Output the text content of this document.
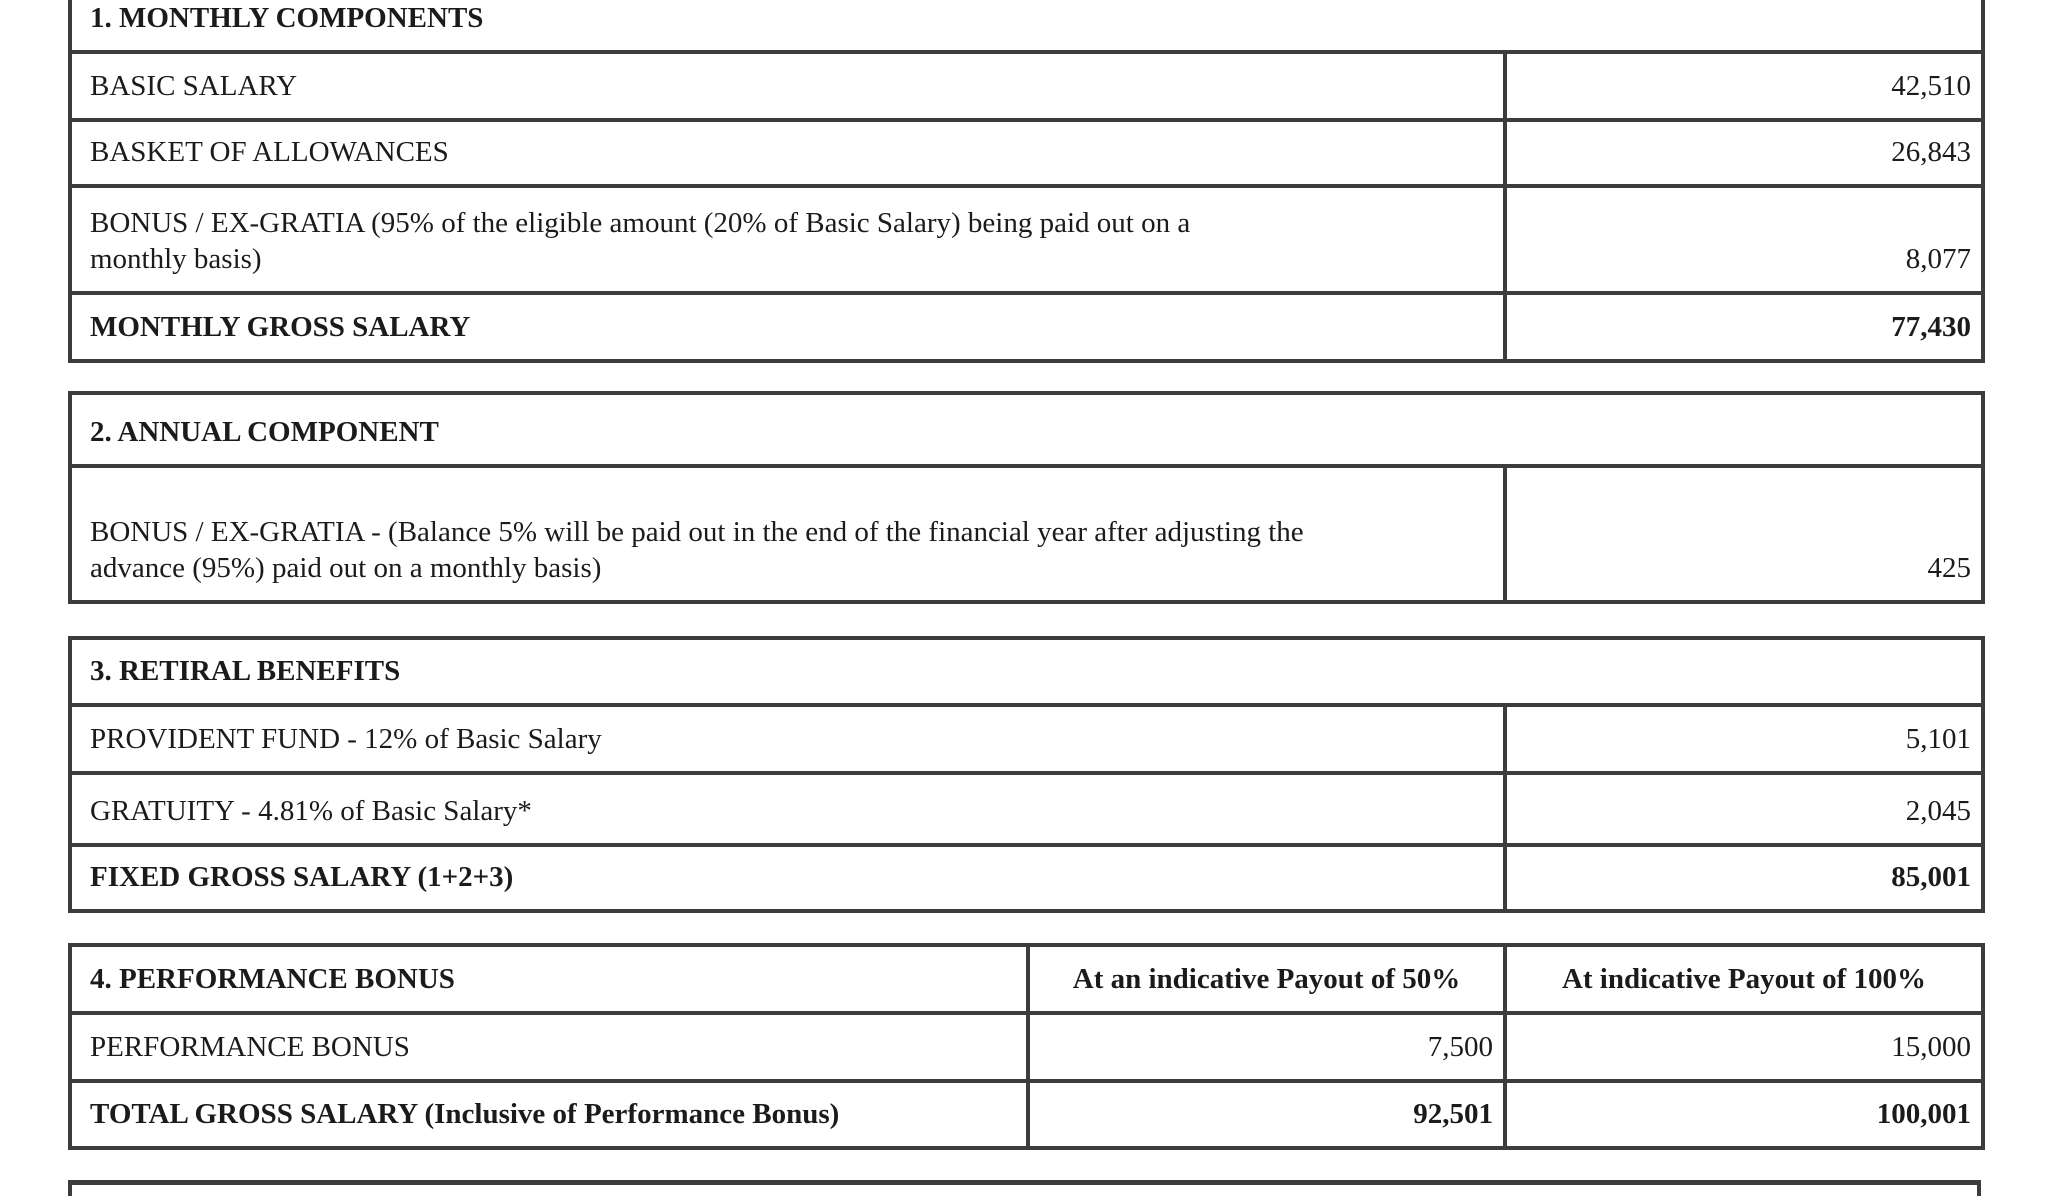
1. MONTHLY COMPONENTS	
BASIC SALARY	42,510
BASKET OF ALLOWANCES	26,843
BONUS / EX-GRATIA (95% of the eligible amount (20% of Basic Salary) being paid out on a monthly basis)	8,077
MONTHLY GROSS SALARY	77,430
2. ANNUAL COMPONENT
BONUS / EX-GRATIA - (Balance 5% will be paid out in the end of the financial year after adjusting the advance (95%) paid out on a monthly basis)	425
3. RETIRAL BENEFITS	
PROVIDENT FUND - 12% of Basic Salary	5,101
GRATUITY - 4.81% of Basic Salary*	2,045
FIXED GROSS SALARY (1+2+3)	85,001
4. PERFORMANCE BONUS	At an indicative Payout of 50%	At indicative Payout of 100%
PERFORMANCE BONUS	7,500	15,000
TOTAL GROSS SALARY (Inclusive of Performance Bonus)	92,501	100,001
